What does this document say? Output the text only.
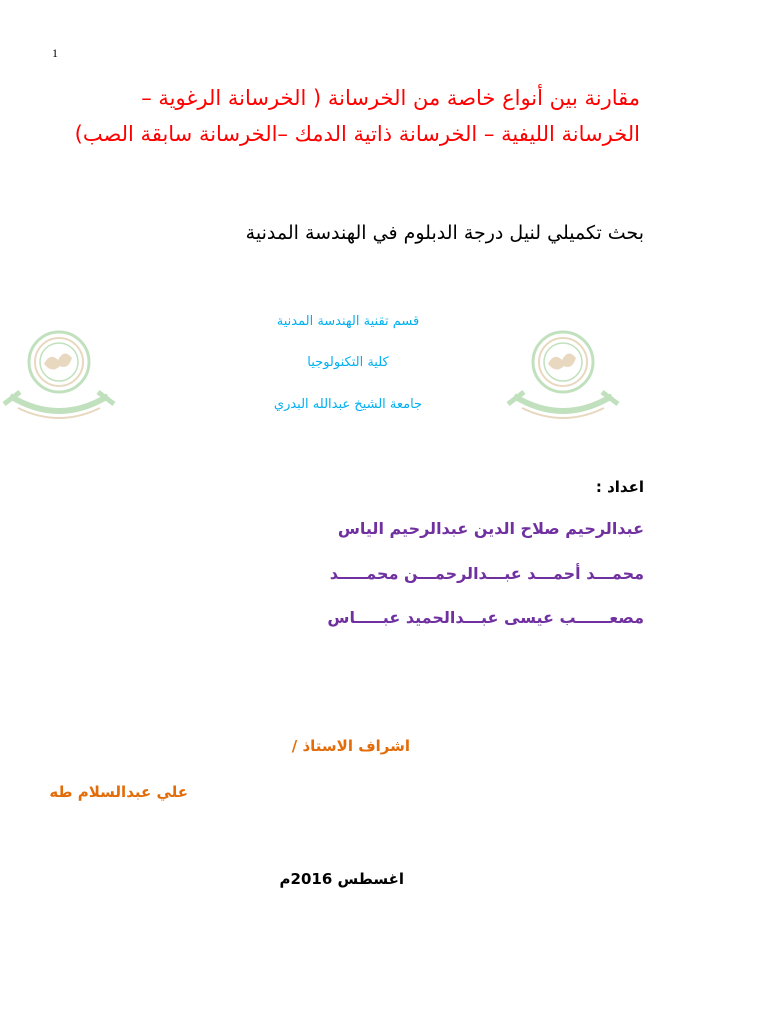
1
مقارنة بين أنواع خاصة من الخرسانة ( الخرسانة الرغوية –
الخرسانة الليفية – الخرسانة ذاتية الدمك –الخرسانة سابقة الصب)
بحث تكميلي لنيل درجة الدبلوم في الهندسة المدنية
قسم تقنية الهندسة المدنية
كلية التكنولوجيا
جامعة الشيخ عبدالله البدري
اعداد :
عبدالرحيم صلاح الدين عبدالرحيم الياس
محمـــد أحمـــد عبـــدالرحمـــن محمـــــد
مصعــــــب عيسى عبـــدالحميد عبـــــاس
اشراف الاستاذ /
علي عبدالسلام طه
اغسطس 2016م
